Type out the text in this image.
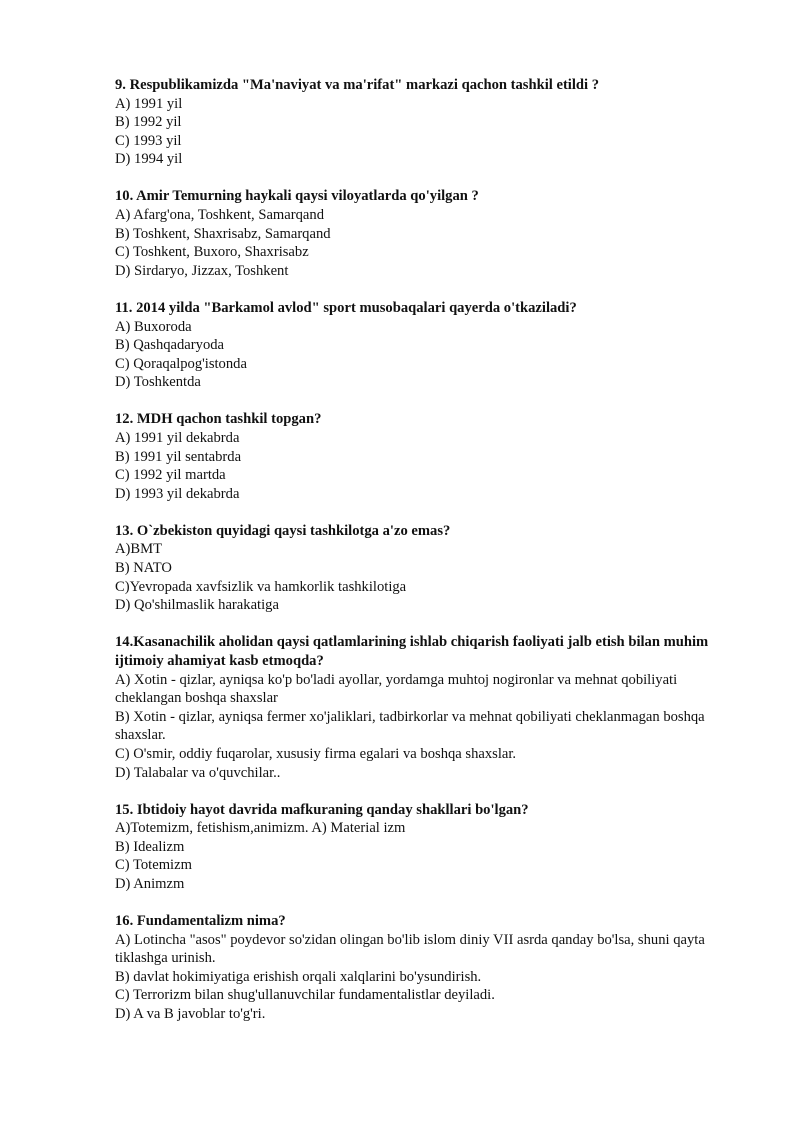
9. Respublikamizda "Ma'naviyat va ma'rifat" markazi qachon tashkil etildi ?

A) 1991 yil

B) 1992 yil

C) 1993 yil

D) 1994 yil

10. Amir Temurning haykali qaysi viloyatlarda qo'yilgan ?

A) Afarg'ona, Toshkent, Samarqand

B) Toshkent, Shaxrisabz, Samarqand

C) Toshkent, Buxoro, Shaxrisabz

D) Sirdaryo, Jizzax, Toshkent

11. 2014 yilda "Barkamol avlod" sport musobaqalari qayerda o'tkaziladi?

A) Buxoroda

B) Qashqadaryoda

C) Qoraqalpog'istonda

D) Toshkentda

12. MDH qachon tashkil topgan?

A) 1991 yil dekabrda

B) 1991 yil sentabrda

C) 1992 yil martda

D) 1993 yil dekabrda

13. O`zbekiston quyidagi qaysi tashkilotga a'zo emas?

A)BMT

B) NATO

C)Yevropada xavfsizlik va hamkorlik tashkilotiga

D) Qo'shilmaslik harakatiga

14.Kasanachilik aholidan qaysi qatlamlarining ishlab chiqarish faoliyati jalb etish bilan muhim ijtimoiy ahamiyat kasb etmoqda?

A) Xotin - qizlar, ayniqsa ko'p bo'ladi ayollar, yordamga muhtoj nogironlar va mehnat qobiliyati cheklangan boshqa shaxslar

B) Xotin - qizlar, ayniqsa fermer xo'jaliklari, tadbirkorlar va mehnat qobiliyati cheklanmagan boshqa shaxslar.

C) O'smir, oddiy fuqarolar, xususiy firma egalari va boshqa shaxslar.

D) Talabalar va o'quvchilar..

15. Ibtidoiy hayot davrida mafkuraning qanday shakllari bo'lgan?

A)Totemizm, fetishism,animizm. A) Material izm

B) Idealizm

C) Totemizm

D) Animzm

16. Fundamentalizm nima?

A) Lotincha "asos" poydevor so'zidan olingan bo'lib islom diniy VII asrda qanday bo'lsa, shuni qayta tiklashga urinish.

B) davlat hokimiyatiga erishish orqali xalqlarini bo'ysundirish.

C) Terrorizm bilan shug'ullanuvchilar fundamentalistlar deyiladi.

D) A va B javoblar to'g'ri.
